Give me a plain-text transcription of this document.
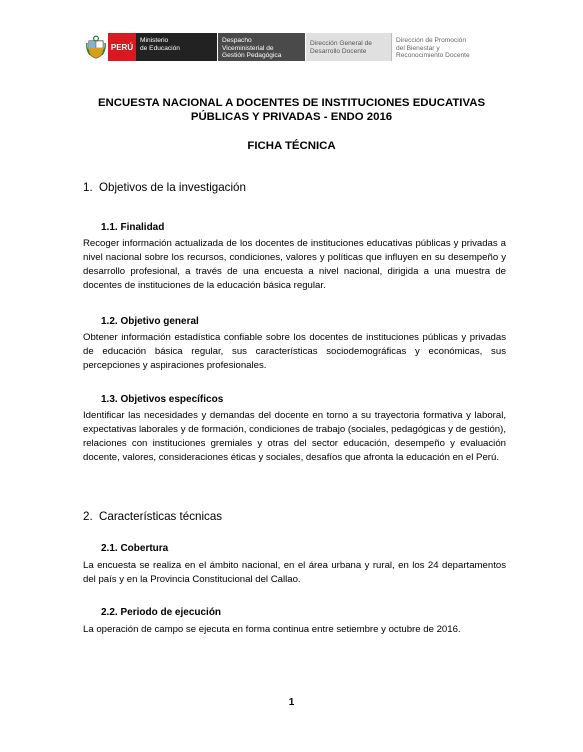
PERÚ
Ministerio
de Educación
Despacho
Viceministerial de
Gestión Pedagógica
Dirección General de
Desarrollo Docente
Dirección de Promoción
del Bienestar y
Reconocimiento Docente
ENCUESTA NACIONAL A DOCENTES DE INSTITUCIONES EDUCATIVAS
PÚBLICAS Y PRIVADAS - ENDO 2016
FICHA TÉCNICA
1. Objetivos de la investigación
1.1. Finalidad
Recoger información actualizada de los docentes de instituciones educativas públicas y privadas a nivel nacional sobre los recursos, condiciones, valores y políticas que influyen en su desempeño y desarrollo profesional, a través de una encuesta a nivel nacional, dirigida a una muestra de docentes de instituciones de la educación básica regular.
1.2. Objetivo general
Obtener información estadística confiable sobre los docentes de instituciones públicas y privadas de educación básica regular, sus características sociodemográficas y económicas, sus percepciones y aspiraciones profesionales.
1.3. Objetivos específicos
Identificar las necesidades y demandas del docente en torno a su trayectoria formativa y laboral, expectativas laborales y de formación, condiciones de trabajo (sociales, pedagógicas y de gestión), relaciones con instituciones gremiales y otras del sector educación, desempeño y evaluación docente, valores, consideraciones éticas y sociales, desafíos que afronta la educación en el Perú.
2. Características técnicas
2.1. Cobertura
La encuesta se realiza en el ámbito nacional, en el área urbana y rural, en los 24 departamentos del país y en la Provincia Constitucional del Callao.
2.2. Periodo de ejecución
La operación de campo se ejecuta en forma continua entre setiembre y octubre de 2016.
1
